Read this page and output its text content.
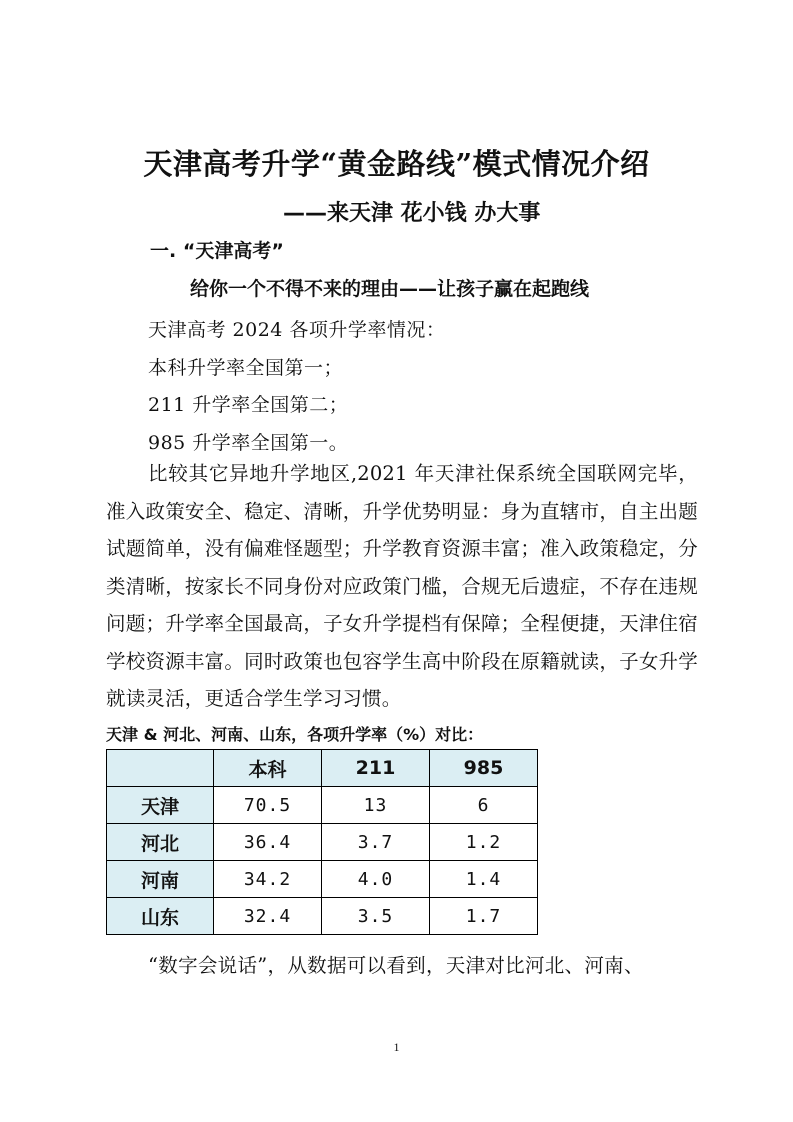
天津高考升学“黄金路线”模式情况介绍
——来天津 花小钱 办大事
一. “天津高考”
给你一个不得不来的理由——让孩子赢在起跑线
天津高考 2024 各项升学率情况：
本科升学率全国第一；
211 升学率全国第二；
985 升学率全国第一。
比较其它异地升学地区,2021 年天津社保系统全国联网完毕，准入政策安全、稳定、清晰，升学优势明显：身为直辖市，自主出题试题简单，没有偏难怪题型；升学教育资源丰富；准入政策稳定，分类清晰，按家长不同身份对应政策门槛，合规无后遗症，不存在违规问题；升学率全国最高，子女升学提档有保障；全程便捷，天津住宿学校资源丰富。同时政策也包容学生高中阶段在原籍就读，子女升学就读灵活，更适合学生学习习惯。
天津 & 河北、河南、山东，各项升学率（%）对比：
	本科	211	985
天津	70.5	13	6
河北	36.4	3.7	1.2
河南	34.2	4.0	1.4
山东	32.4	3.5	1.7
“数字会说话”，从数据可以看到，天津对比河北、河南、
1
